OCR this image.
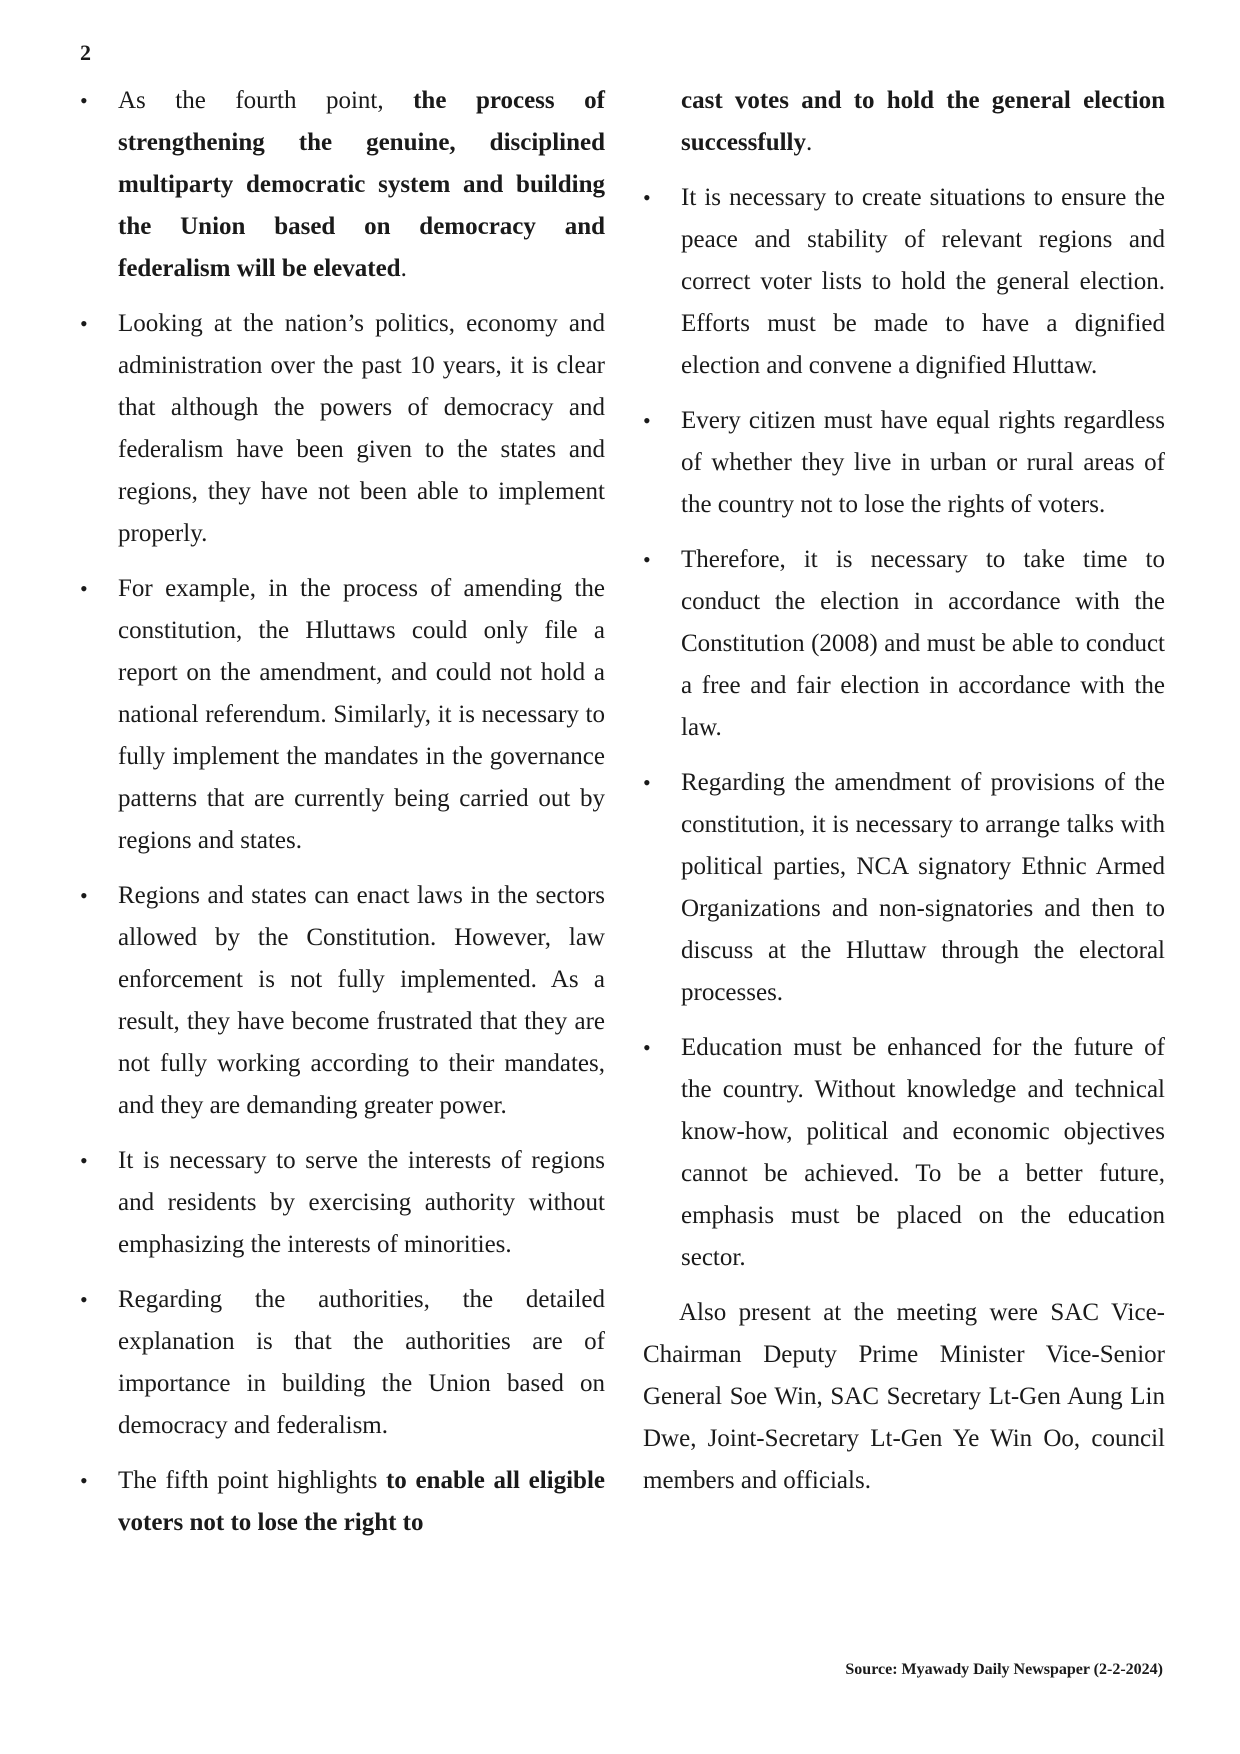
2
• As the fourth point, the process of strengthening the genuine, disciplined multiparty democratic system and building the Union based on democracy and federalism will be elevated.
• Looking at the nation’s politics, economy and administration over the past 10 years, it is clear that although the powers of democracy and federalism have been given to the states and regions, they have not been able to implement properly.
• For example, in the process of amending the constitution, the Hluttaws could only file a report on the amendment, and could not hold a national referendum. Similarly, it is necessary to fully implement the mandates in the governance patterns that are currently being carried out by regions and states.
• Regions and states can enact laws in the sectors allowed by the Constitution. However, law enforcement is not fully implemented. As a result, they have become frustrated that they are not fully working according to their mandates, and they are demanding greater power.
• It is necessary to serve the interests of regions and residents by exercising authority without emphasizing the interests of minorities.
• Regarding the authorities, the detailed explanation is that the authorities are of importance in building the Union based on democracy and federalism.
• The fifth point highlights to enable all eligible voters not to lose the right to
cast votes and to hold the general election successfully.
• It is necessary to create situations to ensure the peace and stability of relevant regions and correct voter lists to hold the general election. Efforts must be made to have a dignified election and convene a dignified Hluttaw.
• Every citizen must have equal rights regardless of whether they live in urban or rural areas of the country not to lose the rights of voters.
• Therefore, it is necessary to take time to conduct the election in accordance with the Constitution (2008) and must be able to conduct a free and fair election in accordance with the law.
• Regarding the amendment of provisions of the constitution, it is necessary to arrange talks with political parties, NCA signatory Ethnic Armed Organizations and non-signatories and then to discuss at the Hluttaw through the electoral processes.
• Education must be enhanced for the future of the country. Without knowledge and technical know-how, political and economic objectives cannot be achieved. To be a better future, emphasis must be placed on the education sector.

Also present at the meeting were SAC Vice-Chairman Deputy Prime Minister Vice-Senior General Soe Win, SAC Secretary Lt-Gen Aung Lin Dwe, Joint-Secretary Lt-Gen Ye Win Oo, council members and officials.

Source: Myawady Daily Newspaper (2-2-2024)
